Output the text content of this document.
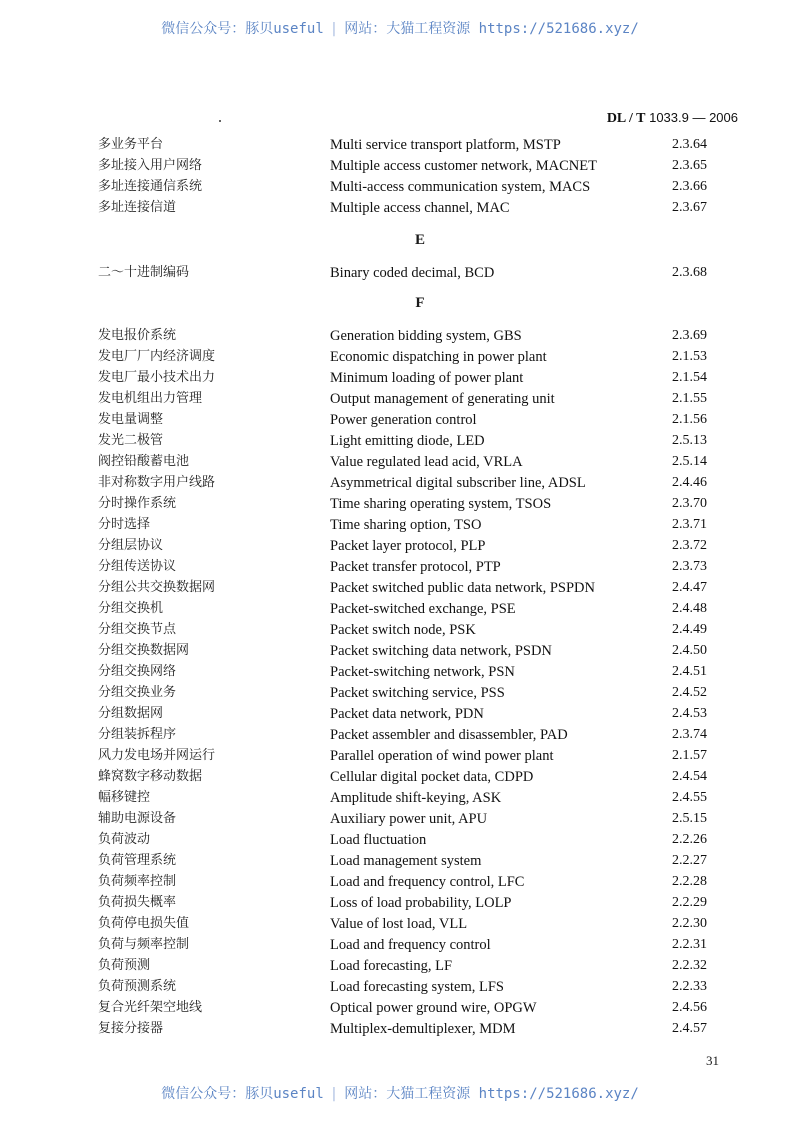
微信公众号：豚贝useful | 网站：大猫工程资源 https://521686.xyz/
DL / T 1033.9 — 2006
多业务平台	Multi service transport platform, MSTP	2.3.64
多址接入用户网络	Multiple access customer network, MACNET	2.3.65
多址连接通信系统	Multi-access communication system, MACS	2.3.66
多址连接信道	Multiple access channel, MAC	2.3.67
E
二～十进制编码	Binary coded decimal, BCD	2.3.68
F
发电报价系统	Generation bidding system, GBS	2.3.69
发电厂厂内经济调度	Economic dispatching in power plant	2.1.53
发电厂最小技术出力	Minimum loading of power plant	2.1.54
发电机组出力管理	Output management of generating unit	2.1.55
发电量调整	Power generation control	2.1.56
发光二极管	Light emitting diode, LED	2.5.13
阀控铅酸蓄电池	Value regulated lead acid, VRLA	2.5.14
非对称数字用户线路	Asymmetrical digital subscriber line, ADSL	2.4.46
分时操作系统	Time sharing operating system, TSOS	2.3.70
分时选择	Time sharing option, TSO	2.3.71
分组层协议	Packet layer protocol, PLP	2.3.72
分组传送协议	Packet transfer protocol, PTP	2.3.73
分组公共交换数据网	Packet switched public data network, PSPDN	2.4.47
分组交换机	Packet-switched exchange, PSE	2.4.48
分组交换节点	Packet switch node, PSK	2.4.49
分组交换数据网	Packet switching data network, PSDN	2.4.50
分组交换网络	Packet-switching network, PSN	2.4.51
分组交换业务	Packet switching service, PSS	2.4.52
分组数据网	Packet data network, PDN	2.4.53
分组装拆程序	Packet assembler and disassembler, PAD	2.3.74
风力发电场并网运行	Parallel operation of wind power plant	2.1.57
蜂窝数字移动数据	Cellular digital pocket data, CDPD	2.4.54
幅移键控	Amplitude shift-keying, ASK	2.4.55
辅助电源设备	Auxiliary power unit, APU	2.5.15
负荷波动	Load fluctuation	2.2.26
负荷管理系统	Load management system	2.2.27
负荷频率控制	Load and frequency control, LFC	2.2.28
负荷损失概率	Loss of load probability, LOLP	2.2.29
负荷停电损失值	Value of lost load, VLL	2.2.30
负荷与频率控制	Load and frequency control	2.2.31
负荷预测	Load forecasting, LF	2.2.32
负荷预测系统	Load forecasting system, LFS	2.2.33
复合光纤架空地线	Optical power ground wire, OPGW	2.4.56
复接分接器	Multiplex-demultiplexer, MDM	2.4.57
31
微信公众号：豚贝useful | 网站：大猫工程资源 https://521686.xyz/
